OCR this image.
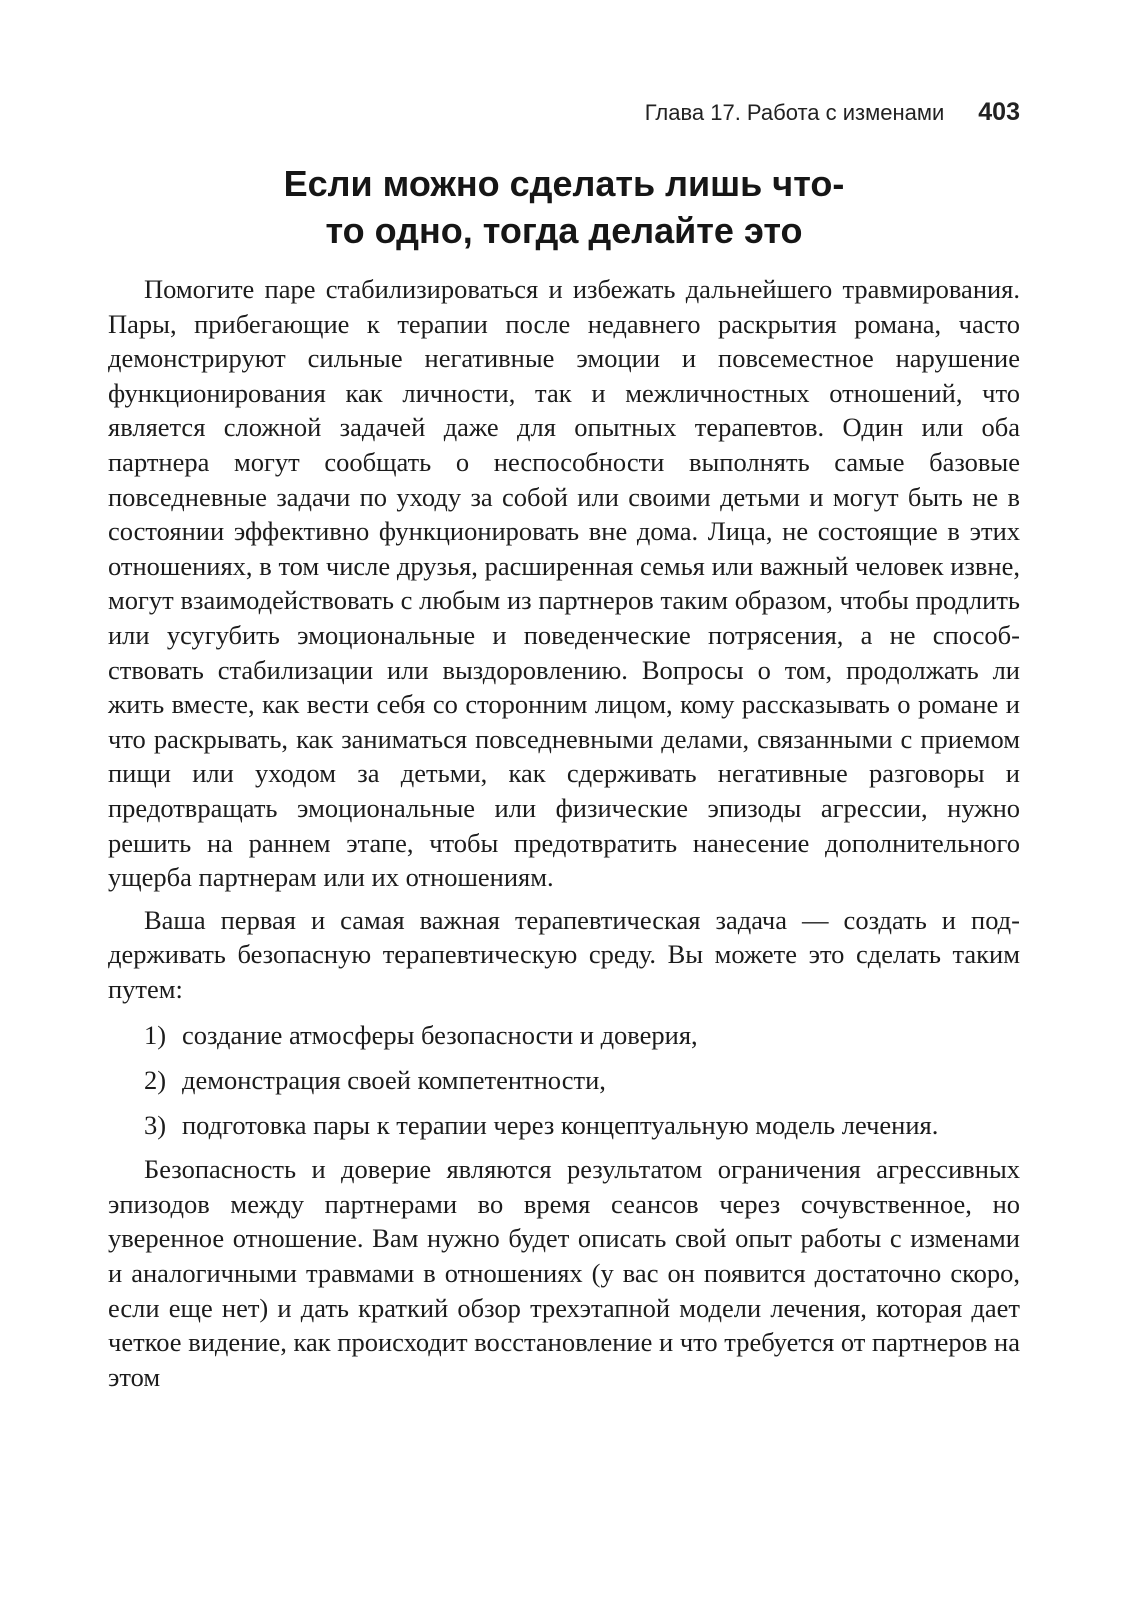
Глава 17. Работа с изменами 403
Если можно сделать лишь что-
то одно, тогда делайте это

Помогите паре стабилизироваться и избежать дальнейшего травмирования. Пары, прибегающие к терапии после недавнего раскрытия романа, часто демонстрируют сильные негативные эмоции и повсеместное нарушение функционирования как личности, так и межличностных отношений, что является сложной задачей даже для опытных терапевтов. Один или оба партнера могут сообщать о неспособности выполнять самые базовые повседневные задачи по уходу за собой или своими детьми и могут быть не в состоянии эффективно функционировать вне дома. Лица, не состоящие в этих отношениях, в том числе друзья, расширенная семья или важный человек извне, могут взаимодействовать с любым из партнеров таким образом, чтобы продлить или усугубить эмоциональные и поведенческие потрясения, а не способствовать стабилизации или выздоровлению. Вопросы о том, продолжать ли жить вместе, как вести себя со сторонним лицом, кому рассказывать о романе и что раскрывать, как заниматься повседневными делами, связанными с приемом пищи или уходом за детьми, как сдерживать негативные разговоры и предотвращать эмоциональные или физические эпизоды агрессии, нужно решить на раннем этапе, чтобы предотвратить нанесение дополнительного ущерба партнерам или их отношениям.

Ваша первая и самая важная терапевтическая задача — создать и поддерживать безопасную терапевтическую среду. Вы можете это сделать таким путем:

1) создание атмосферы безопасности и доверия,
2) демонстрация своей компетентности,
3) подготовка пары к терапии через концептуальную модель лечения.

Безопасность и доверие являются результатом ограничения агрессивных эпизодов между партнерами во время сеансов через сочувственное, но уверенное отношение. Вам нужно будет описать свой опыт работы с изменами и аналогичными травмами в отношениях (у вас он появится достаточно скоро, если еще нет) и дать краткий обзор трехэтапной модели лечения, которая дает четкое видение, как происходит восстановление и что требуется от партнеров на этом
